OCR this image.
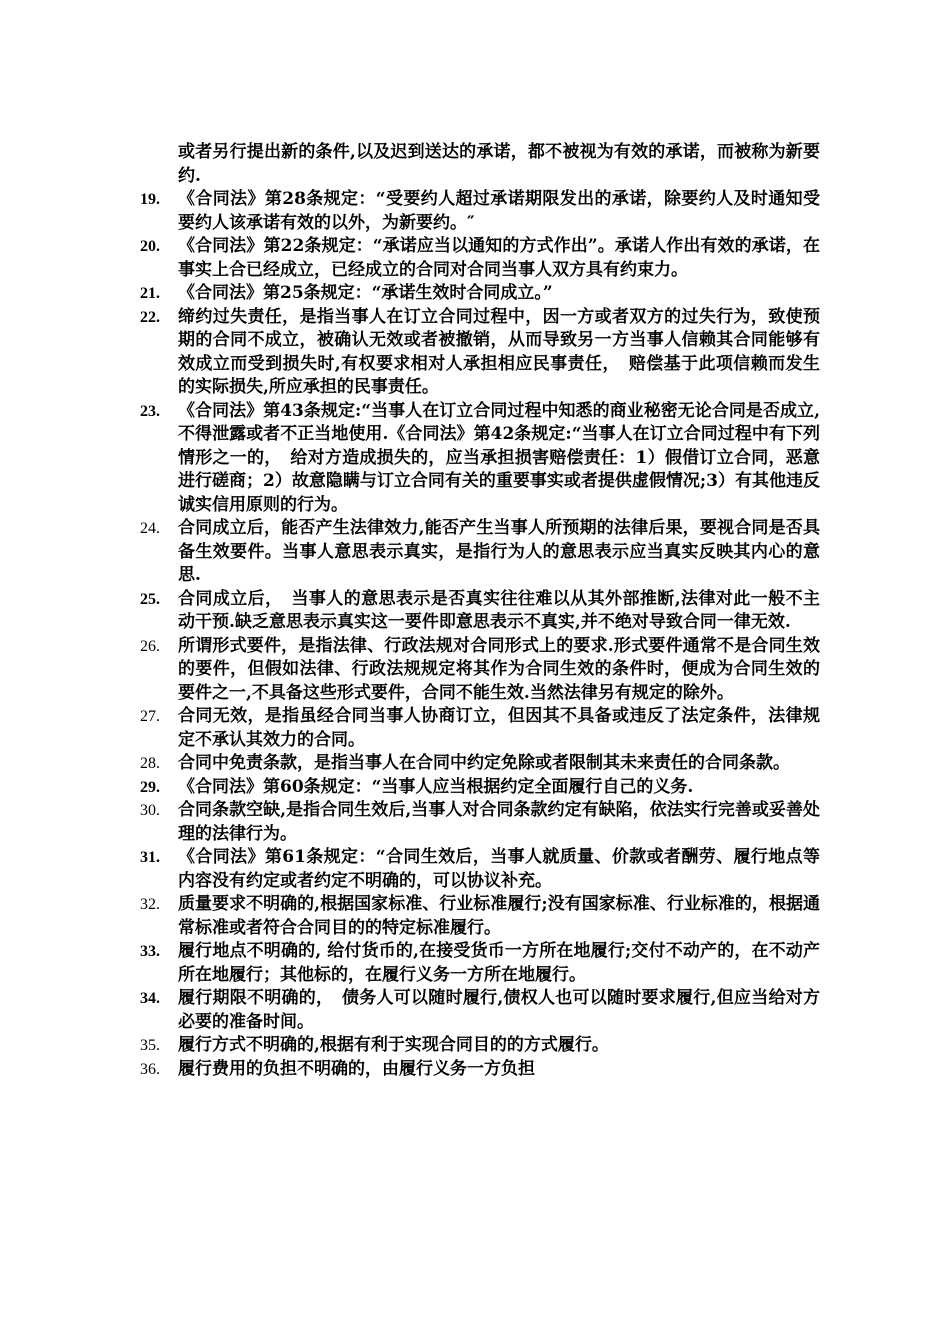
或者另行提出新的条件,以及迟到送达的承诺，都不被视为有效的承诺，而被称为新要约.

19.	《合同法》第28条规定：“受要约人超过承诺期限发出的承诺，除要约人及时通知受要约人该承诺有效的以外，为新要约。″
20.	《合同法》第22条规定：“承诺应当以通知的方式作出”。承诺人作出有效的承诺，在事实上合已经成立，已经成立的合同对合同当事人双方具有约束力。
21.	《合同法》第25条规定：“承诺生效时合同成立。”
22.	缔约过失责任，是指当事人在订立合同过程中，因一方或者双方的过失行为，致使预期的合同不成立，被确认无效或者被撤销，从而导致另一方当事人信赖其合同能够有效成立而受到损失时,有权要求相对人承担相应民事责任，　赔偿基于此项信赖而发生的实际损失,所应承担的民事责任。
23.	《合同法》第43条规定:“当事人在订立合同过程中知悉的商业秘密无论合同是否成立,不得泄露或者不正当地使用.《合同法》第42条规定:“当事人在订立合同过程中有下列情形之一的，　给对方造成损失的，应当承担损害赔偿责任：1）假借订立合同，恶意进行磋商；2）故意隐瞒与订立合同有关的重要事实或者提供虚假情况;3）有其他违反诚实信用原则的行为。
24.	合同成立后，能否产生法律效力,能否产生当事人所预期的法律后果，要视合同是否具备生效要件。当事人意思表示真实，是指行为人的意思表示应当真实反映其内心的意思.
25.	合同成立后，　当事人的意思表示是否真实往往难以从其外部推断,法律对此一般不主动干预.缺乏意思表示真实这一要件即意思表示不真实,并不绝对导致合同一律无效.
26.	所谓形式要件，是指法律、行政法规对合同形式上的要求.形式要件通常不是合同生效的要件，但假如法律、行政法规规定将其作为合同生效的条件时，便成为合同生效的要件之一,不具备这些形式要件，合同不能生效.当然法律另有规定的除外。
27.	合同无效，是指虽经合同当事人协商订立，但因其不具备或违反了法定条件，法律规定不承认其效力的合同。
28.	合同中免责条款，是指当事人在合同中约定免除或者限制其未来责任的合同条款。
29.	《合同法》第60条规定：“当事人应当根据约定全面履行自己的义务.
30.	合同条款空缺,是指合同生效后,当事人对合同条款约定有缺陷，依法实行完善或妥善处理的法律行为。
31.	《合同法》第61条规定：“合同生效后，当事人就质量、价款或者酬劳、履行地点等内容没有约定或者约定不明确的，可以协议补充。
32.	质量要求不明确的,根据国家标准、行业标准履行;没有国家标准、行业标准的，根据通常标准或者符合合同目的的特定标准履行。
33.	履行地点不明确的, 给付货币的,在接受货币一方所在地履行;交付不动产的，在不动产所在地履行；其他标的，在履行义务一方所在地履行。
34.	履行期限不明确的，　债务人可以随时履行,债权人也可以随时要求履行,但应当给对方必要的准备时间。
35.	履行方式不明确的,根据有利于实现合同目的的方式履行。
36.	履行费用的负担不明确的，由履行义务一方负担
